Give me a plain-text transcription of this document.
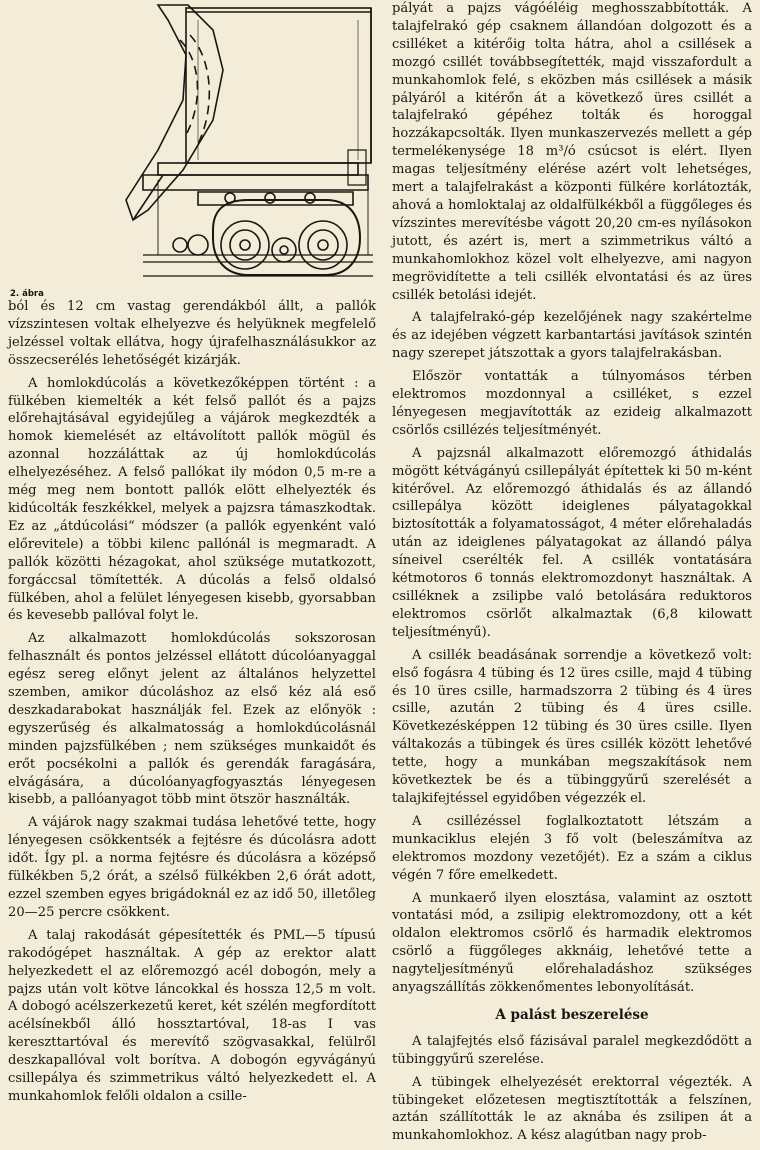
2. ábra

ból és 12 cm vastag gerendákból állt, a pallók vízszintesen voltak elhelyezve és helyüknek megfelelő jelzéssel voltak ellátva, hogy újrafelhasználásukkor az összecserélés lehetőségét kizárják.

A homlokdúcolás a következőképpen történt : a fülkében kiemelték a két felső pallót és a pajzs előrehajtásával egyidejűleg a vájárok megkezdték a homok kiemelését az eltávolított pallók mögül és azonnal hozzáláttak az új homlokdúcolás elhelyezéséhez. A felső pallókat ily módon 0,5 m-re a még meg nem bontott pallók elött elhelyezték és kidúcolták feszkékkel, melyek a pajzsra támaszkodtak. Ez az „átdúcolási“ módszer (a pallók egyenként való előrevitele) a többi kilenc pallónál is megmaradt. A pallók közötti hézagokat, ahol szüksége mutatkozott, forgáccsal tömítették. A dúcolás a felső oldalsó fülkében, ahol a felület lényegesen kisebb, gyorsabban és kevesebb pallóval folyt le.

Az alkalmazott homlokdúcolás sokszorosan felhasznált és pontos jelzéssel ellátott dúcolóanyaggal egész sereg előnyt jelent az általános helyzettel szemben, amikor dúcoláshoz az első kéz alá eső deszkadarabokat használják fel. Ezek az előnyök : egyszerűség és alkalmatosság a homlokdúcolásnál minden pajzsfülkében ; nem szükséges munkaidőt és erőt pocsékolni a pallók és gerendák faragására, elvágására, a dúcolóanyagfogyasztás lényegesen kisebb, a pallóanyagot több mint ötször használták.

A vájárok nagy szakmai tudása lehetővé tette, hogy lényegesen csökkentsék a fejtésre és dúcolásra adott időt. Így pl. a norma fejtésre és dúcolásra a középső fülkékben 5,2 órát, a szélső fülkékben 2,6 órát adott, ezzel szemben egyes brigádoknál ez az idő 50, illetőleg 20—25 percre csökkent.

A talaj rakodását gépesítették és PML—5 típusú rakodógépet használtak. A gép az erektor alatt helyezkedett el az előremozgó acél dobogón, mely a pajzs után volt kötve láncokkal és hossza 12,5 m volt. A dobogó acélszerkezetű keret, két szélén megfordított acélsínekből álló hossztartóval, 18-as I vas kereszttartóval és merevítő szögvasakkal, felülről deszkapallóval volt borítva. A dobogón egyvágányú csillepálya és szimmetrikus váltó helyezkedett el. A munkahomlok felőli oldalon a csille-

pályát a pajzs vágóéléig meghosszabbították. A talajfelrakó gép csaknem állandóan dolgozott és a csilléket a kitérőig tolta hátra, ahol a csillések a mozgó csillét továbbsegítették, majd visszafordult a munkahomlok felé, s eközben más csillések a másik pályáról a kitérőn át a következő üres csillét a talajfelrakó gépéhez tolták és horoggal hozzákapcsolták. Ilyen munkaszervezés mellett a gép termelékenysége 18 m³/ó csúcsot is elért. Ilyen magas teljesítmény elérése azért volt lehetséges, mert a talajfelrakást a központi fülkére korlátozták, ahová a homloktalaj az oldalfülkékből a függőleges és vízszintes merevítésbe vágott 20,20 cm-es nyílásokon jutott, és azért is, mert a szimmetrikus váltó a munkahomlokhoz közel volt elhelyezve, ami nagyon megrövidítette a teli csillék elvontatási és az üres csillék betolási idejét.

A talajfelrakó-gép kezelőjének nagy szakértelme és az idejében végzett karbantartási javítások szintén nagy szerepet játszottak a gyors talajfelrakásban.

Először vontatták a túlnyomásos térben elektromos mozdonnyal a csilléket, s ezzel lényegesen megjavították az ezideig alkalmazott csörlős csillézés teljesítményét.

A pajzsnál alkalmazott előremozgó áthidalás mögött kétvágányú csillepályát építettek ki 50 m-ként kitérővel. Az előremozgó áthidalás és az állandó csillepálya között ideiglenes pályatagokkal biztosították a folyamatosságot, 4 méter előrehaladás után az ideiglenes pályatagokat az állandó pálya síneivel cserélték fel. A csillék vontatására kétmotoros 6 tonnás elektromozdonyt használtak. A csilléknek a zsilipbe való betolására reduktoros elektromos csörlőt alkalmaztak (6,8 kilowatt teljesítményű).

A csillék beadásának sorrendje a következő volt: első fogásra 4 tübing és 12 üres csille, majd 4 tübing és 10 üres csille, harmadszorra 2 tübing és 4 üres csille, azután 2 tübing és 4 üres csille. Következésképpen 12 tübing és 30 üres csille. Ilyen váltakozás a tübingek és üres csillék között lehetővé tette, hogy a munkában megszakítások nem következtek be és a tübinggyűrű szerelését a talajkifejtéssel egyidőben végezzék el.

A csillézéssel foglalkoztatott létszám a munkaciklus elején 3 fő volt (beleszámítva az elektromos mozdony vezetőjét). Ez a szám a ciklus végén 7 főre emelkedett.

A munkaerő ilyen elosztása, valamint az osztott vontatási mód, a zsilipig elektromozdony, ott a két oldalon elektromos csörlő és harmadik elektromos csörlő a függőleges akknáig, lehetővé tette a nagyteljesítményű előrehaladáshoz szükséges anyagszállítás zökkenőmentes lebonyolítását.

A palást beszerelése

A talajfejtés első fázisával paralel megkezdődött a tübinggyűrű szerelése.

A tübingek elhelyezését erektorral végezték. A tübingeket előzetesen megtisztították a felszínen, aztán szállították le az aknába és zsilipen át a munkahomlokhoz. A kész alagútban nagy prob-
